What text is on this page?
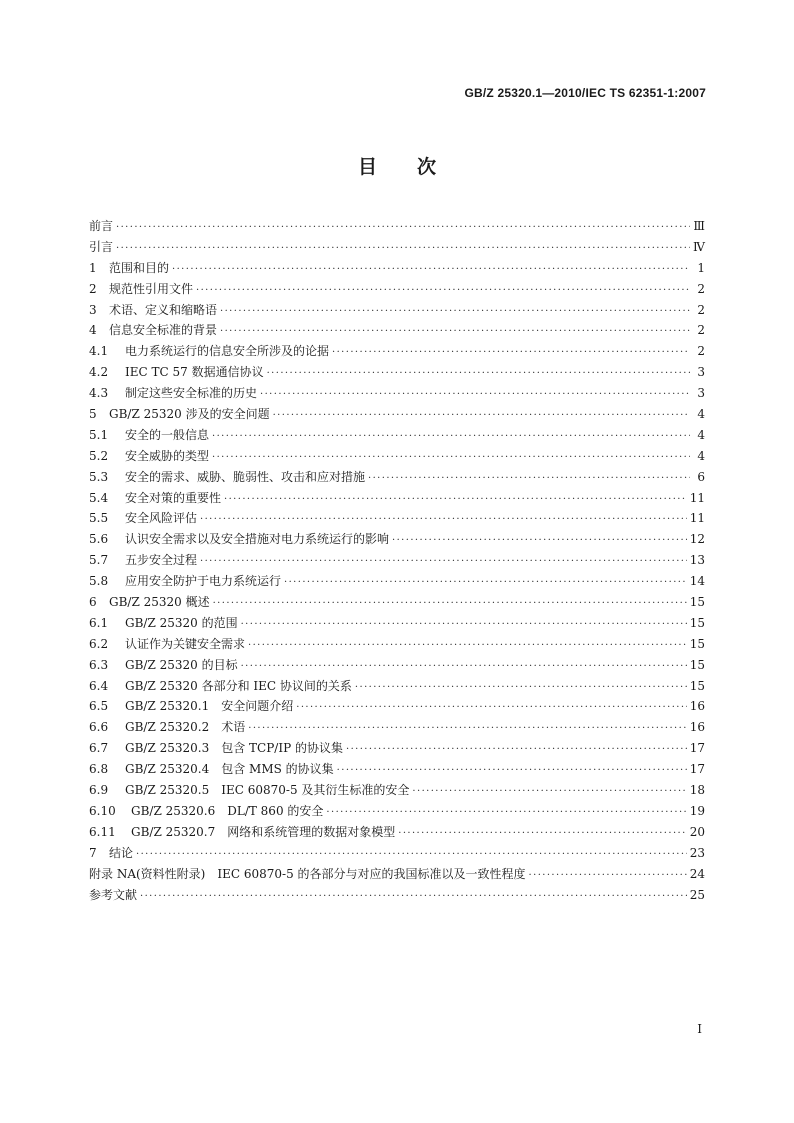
GB/Z 25320.1—2010/IEC TS 62351-1:2007
目次
前言 ·····	Ⅲ
引言 ·····	Ⅳ
1	范围和目的 ·····	1
2	规范性引用文件 ·····	2
3	术语、定义和缩略语 ·····	2
4	信息安全标准的背景 ·····	2
4.1	电力系统运行的信息安全所涉及的论据 ·····	2
4.2	IEC TC 57 数据通信协议 ·····	3
4.3	制定这些安全标准的历史 ·····	3
5	GB/Z 25320 涉及的安全问题 ·····	4
5.1	安全的一般信息 ·····	4
5.2	安全威胁的类型 ·····	4
5.3	安全的需求、威胁、脆弱性、攻击和应对措施 ·····	6
5.4	安全对策的重要性 ·····	11
5.5	安全风险评估 ·····	11
5.6	认识安全需求以及安全措施对电力系统运行的影响 ·····	12
5.7	五步安全过程 ·····	13
5.8	应用安全防护于电力系统运行 ·····	14
6	GB/Z 25320 概述 ·····	15
6.1	GB/Z 25320 的范围 ·····	15
6.2	认证作为关键安全需求 ·····	15
6.3	GB/Z 25320 的目标 ·····	15
6.4	GB/Z 25320 各部分和 IEC 协议间的关系 ·····	15
6.5	GB/Z 25320.1　安全问题介绍 ·····	16
6.6	GB/Z 25320.2　术语 ·····	16
6.7	GB/Z 25320.3　包含 TCP/IP 的协议集 ·····	17
6.8	GB/Z 25320.4　包含 MMS 的协议集 ·····	17
6.9	GB/Z 25320.5　IEC 60870-5 及其衍生标准的安全 ·····	18
6.10	GB/Z 25320.6　DL/T 860 的安全 ·····	19
6.11	GB/Z 25320.7　网络和系统管理的数据对象模型 ·····	20
7	结论 ·····	23
附录 NA(资料性附录)　IEC 60870-5 的各部分与对应的我国标准以及一致性程度 ·····	24
参考文献 ·····	25
Ⅰ
